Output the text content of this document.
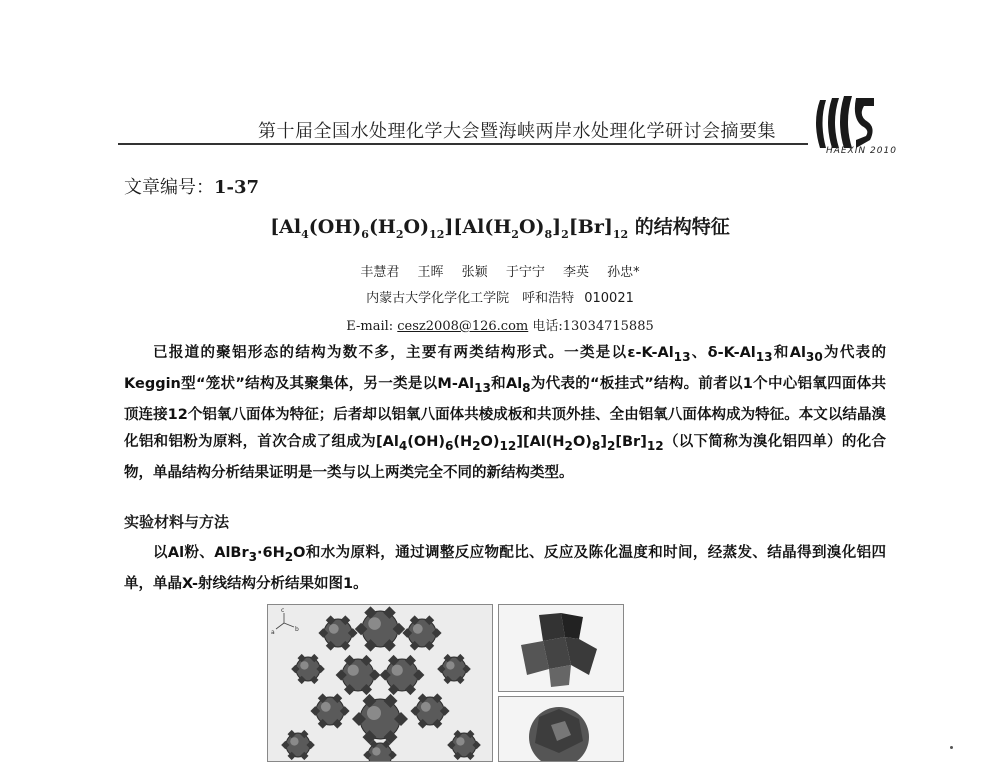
第十届全国水处理化学大会暨海峡两岸水处理化学研讨会摘要集
HAEXIN 2010
文章编号：1-37
$[Al_4(OH)_6(H_2O)_{12}][Al(H_2O)_8]_2[Br]_{12}$ 的结构特征
丰慧君 王晖 张颖 于宁宁 李英 孙忠*
内蒙古大学化学化工学院　呼和浩特 010021
E-mail: cesz2008@126.com 电话:13034715885
已报道的聚铝形态的结构为数不多，主要有两类结构形式。一类是以$\varepsilon-K-Al_{13}$、$\delta-K-Al_{13}$和$Al_{30}$为代表的Keggin型“笼状”结构及其聚集体，另一类是以$M-Al_{13}$和$Al_8$为代表的“板挂式”结构。前者以1个中心铝氧四面体共顶连接12个铝氧八面体为特征；后者却以铝氧八面体共棱成板和共顶外挂、全由铝氧八面体构成为特征。本文以结晶溴化铝和铝粉为原料，首次合成了组成为$[Al_4(OH)_6(H_2O)_{12}][Al(H_2O)_8]_2[Br]_{12}$（以下简称为溴化铝四单）的化合物，单晶结构分析结果证明是一类与以上两类完全不同的新结构类型。
实验材料与方法
以Al粉、$AlBr_3\cdot 6H_2O$和水为原料，通过调整反应物配比、反应及陈化温度和时间，经蒸发、结晶得到溴化铝四单，单晶X-射线结构分析结果如图1。
c
a	b
